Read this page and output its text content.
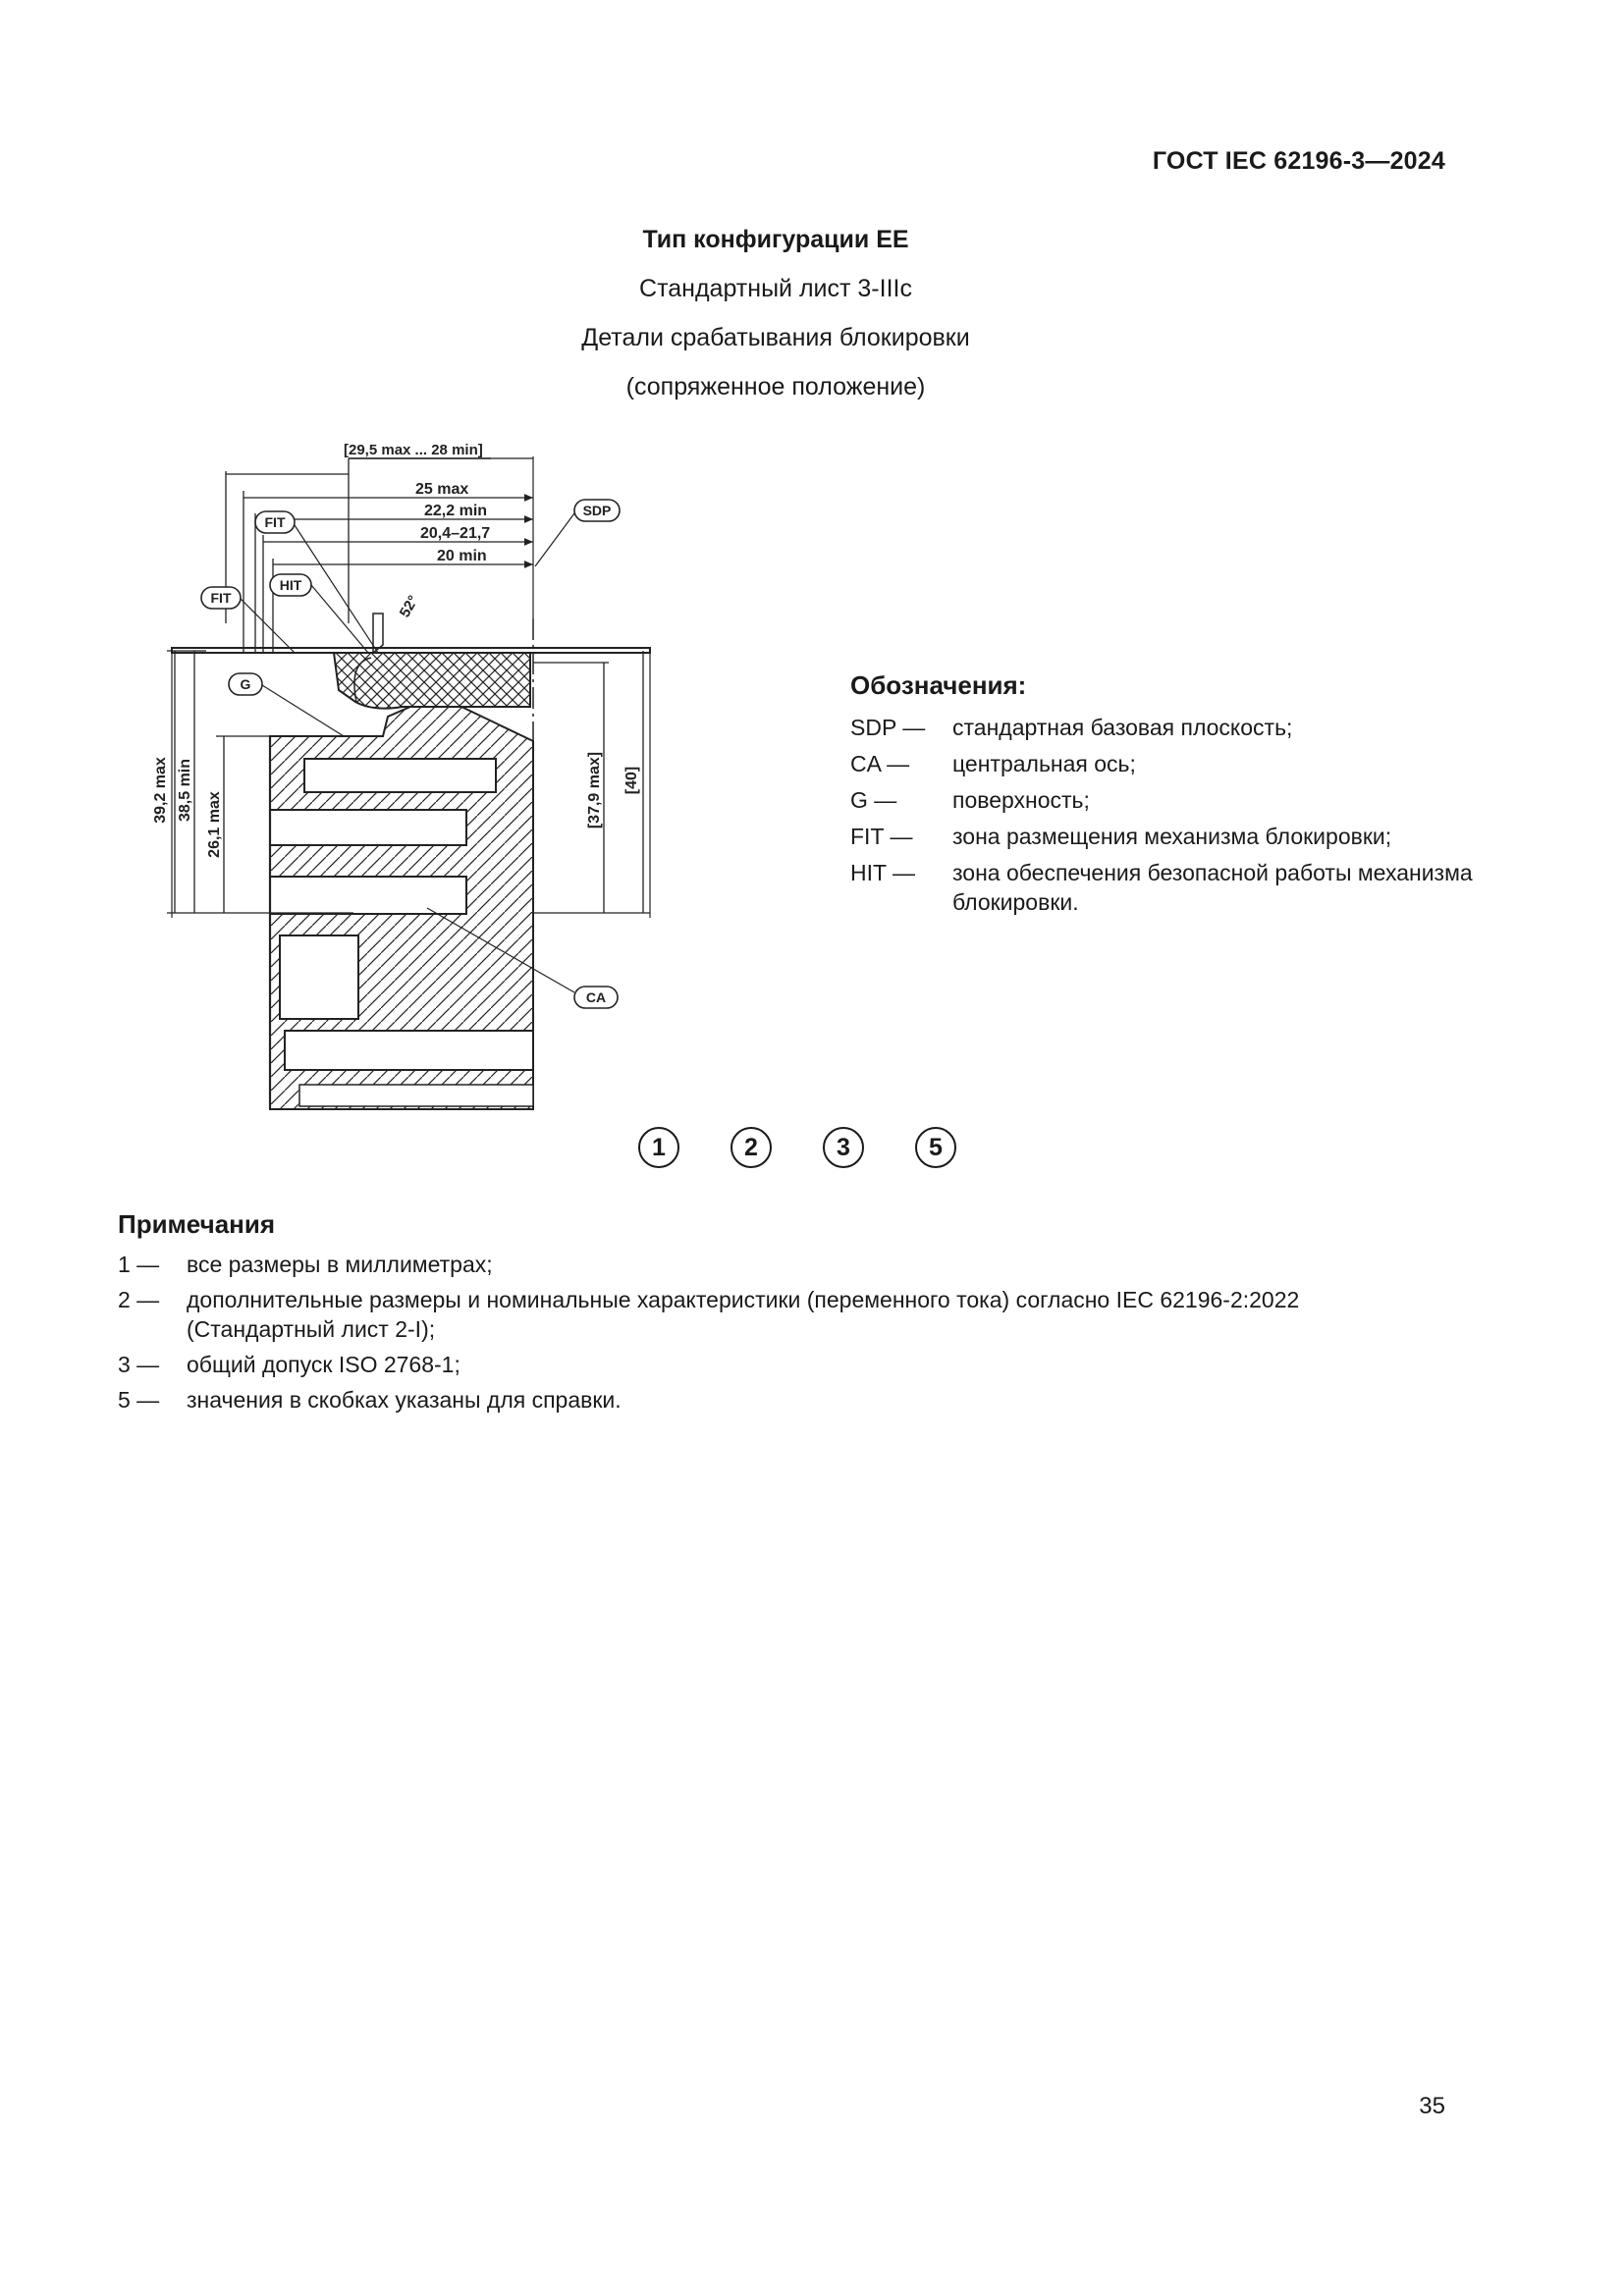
ГОСТ IEC 62196-3—2024
Тип конфигурации EE
Стандартный лист 3-IIIc
Детали срабатывания блокировки
(сопряженное положение)
[29,5 max ... 28 min]
25 max
22,2 min
20,4–21,7
20 min
52°
39,2 max 38,5 min
26,1 max	[37,9 max] [40]
FIT
HIT
FIT
SDP
G
CA
Обозначения:
SDP —	стандартная базовая плоскость;
CA —	центральная ось;
G —	поверхность;
FIT —	зона размещения механизма блокировки;
HIT —	зона обеспечения безопасной работы механизма блокировки.
1	2	3	5
Примечания
1 —	все размеры в миллиметрах;
2 —	дополнительные размеры и номинальные характеристики (переменного тока) согласно IEC 62196-2:2022 (Стандартный лист 2-I);
3 —	общий допуск ISO 2768-1;
5 —	значения в скобках указаны для справки.
35
